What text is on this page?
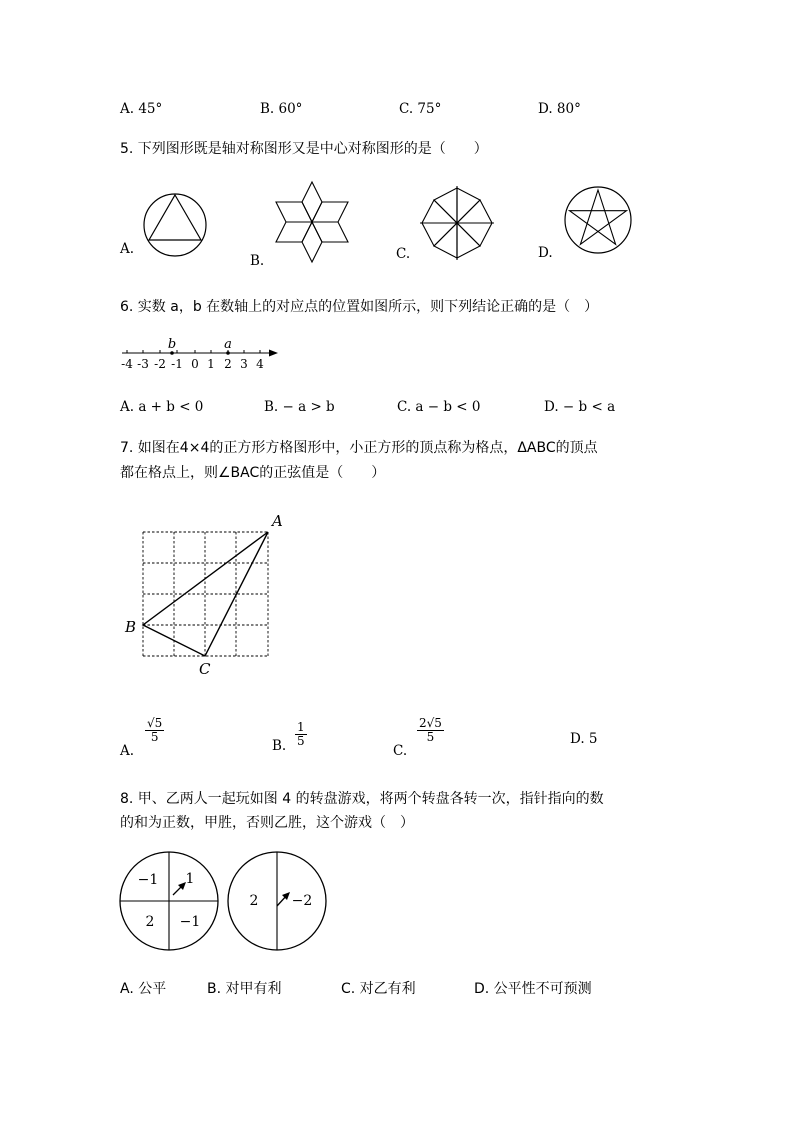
A. 45°	B. 60°	C. 75°	D. 80°
5. 下列图形既是轴对称图形又是中心对称图形的是（　　）
A.
B.	C.	D.
6. 实数 a，b 在数轴上的对应点的位置如图所示，则下列结论正确的是（　）
b	a
-4 -3 -2 -1 0 1 2 3 4
A. a + b < 0	B. − a > b	C. a − b < 0	D. − b < a
7. 如图在4×4的正方形方格图形中，小正方形的顶点称为格点，ΔABC的顶点
都在格点上，则∠BAC的正弦值是（　　）
A
B
C
A.
$\frac{√5}{5}$
B. $\frac{1}{5}$
C.
$\frac{2√5}{5}$	D. 5
8. 甲、乙两人一起玩如图 4 的转盘游戏，将两个转盘各转一次，指针指向的数
的和为正数，甲胜，否则乙胜，这个游戏（　）
−1 1
2 −1
2 −2
A. 公平	B. 对甲有利	C. 对乙有利	D. 公平性不可预测
